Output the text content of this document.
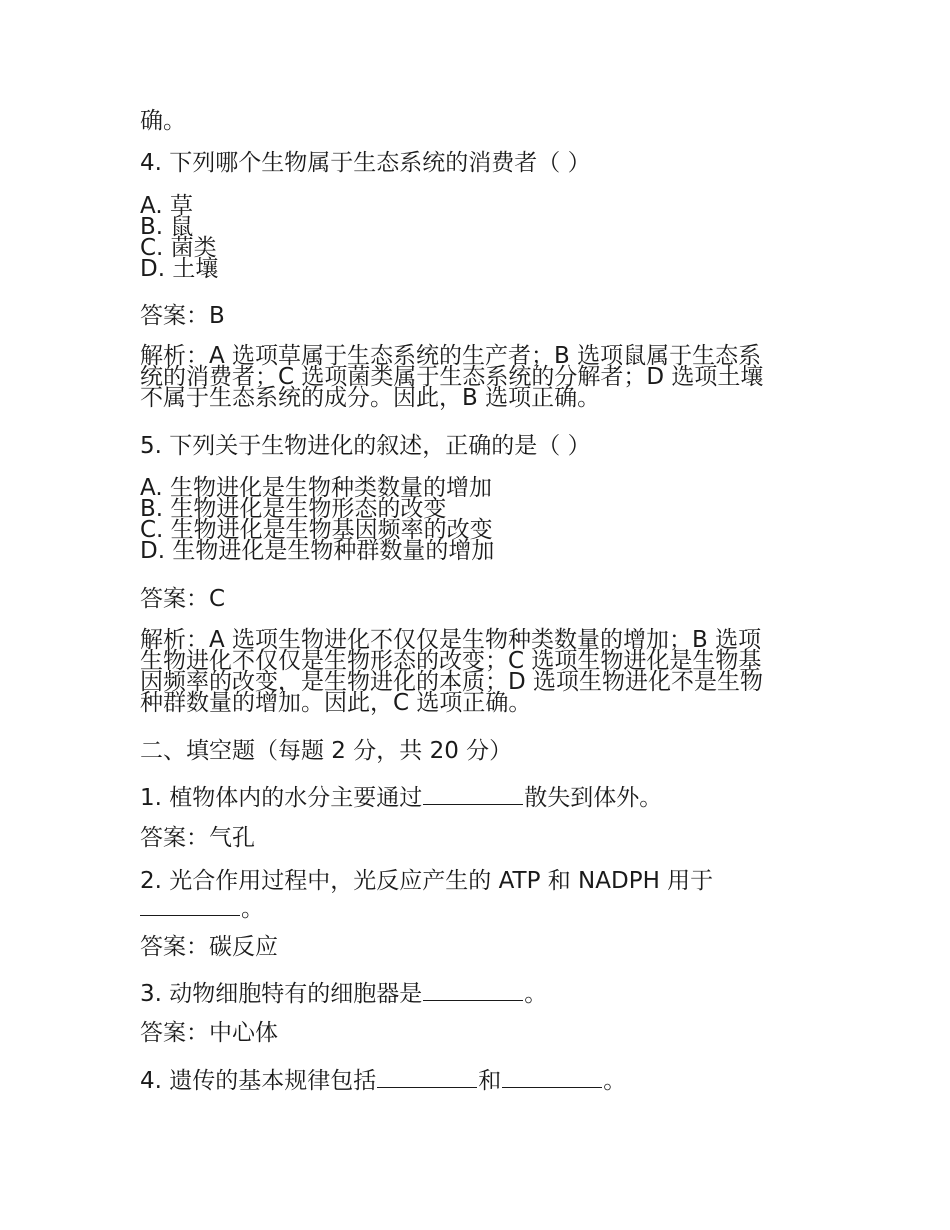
确。
4. 下列哪个生物属于生态系统的消费者（ ）
A. 草
B. 鼠
C. 菌类
D. 土壤
答案：B
解析：A 选项草属于生态系统的生产者；B 选项鼠属于生态系
统的消费者；C 选项菌类属于生态系统的分解者；D 选项土壤
不属于生态系统的成分。因此，B 选项正确。
5. 下列关于生物进化的叙述，正确的是（ ）
A. 生物进化是生物种类数量的增加
B. 生物进化是生物形态的改变
C. 生物进化是生物基因频率的改变
D. 生物进化是生物种群数量的增加
答案：C
解析：A 选项生物进化不仅仅是生物种类数量的增加；B 选项
生物进化不仅仅是生物形态的改变；C 选项生物进化是生物基
因频率的改变，是生物进化的本质；D 选项生物进化不是生物
种群数量的增加。因此，C 选项正确。
二、填空题（每题 2 分，共 20 分）
1. 植物体内的水分主要通过	散失到体外。
答案：气孔
2. 光合作用过程中，光反应产生的 ATP 和 NADPH 用于
。
答案：碳反应
3. 动物细胞特有的细胞器是	。
答案：中心体
4. 遗传的基本规律包括	和	。
